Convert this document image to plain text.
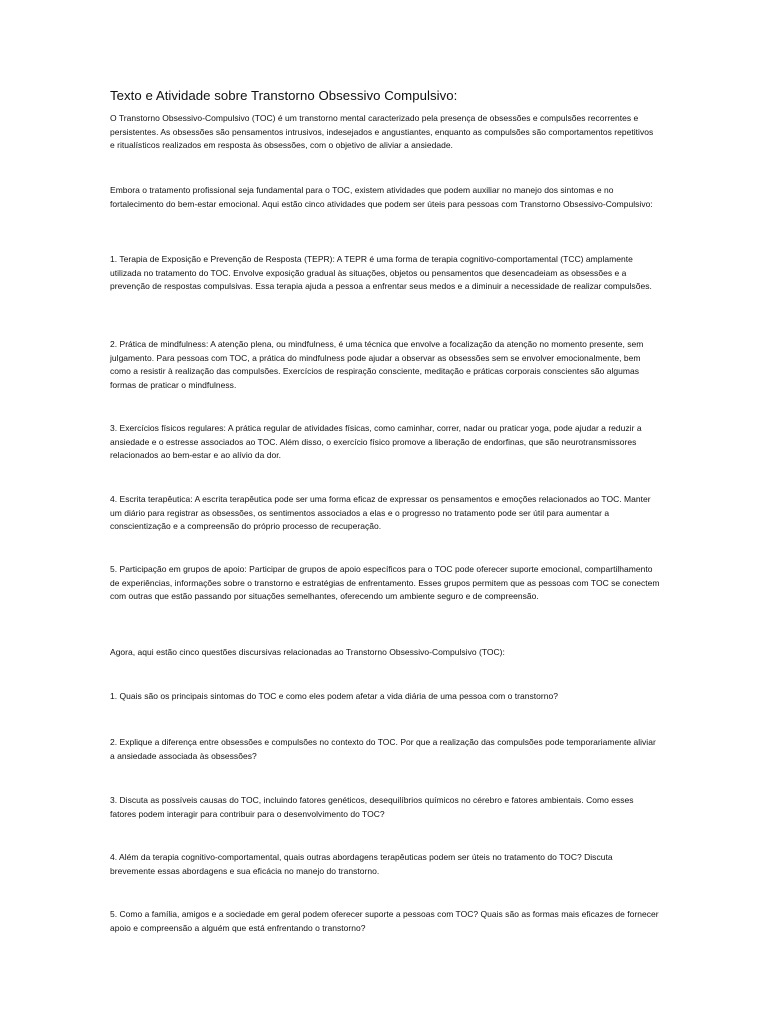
Texto e Atividade sobre Transtorno Obsessivo Compulsivo:

O Transtorno Obsessivo-Compulsivo (TOC) é um transtorno mental caracterizado pela presença de obsessões e compulsões recorrentes e persistentes. As obsessões são pensamentos intrusivos, indesejados e angustiantes, enquanto as compulsões são comportamentos repetitivos e ritualísticos realizados em resposta às obsessões, com o objetivo de aliviar a ansiedade.

Embora o tratamento profissional seja fundamental para o TOC, existem atividades que podem auxiliar no manejo dos sintomas e no fortalecimento do bem-estar emocional. Aqui estão cinco atividades que podem ser úteis para pessoas com Transtorno Obsessivo-Compulsivo:

1. Terapia de Exposição e Prevenção de Resposta (TEPR): A TEPR é uma forma de terapia cognitivo-comportamental (TCC) amplamente utilizada no tratamento do TOC. Envolve exposição gradual às situações, objetos ou pensamentos que desencadeiam as obsessões e a prevenção de respostas compulsivas. Essa terapia ajuda a pessoa a enfrentar seus medos e a diminuir a necessidade de realizar compulsões.

2. Prática de mindfulness: A atenção plena, ou mindfulness, é uma técnica que envolve a focalização da atenção no momento presente, sem julgamento. Para pessoas com TOC, a prática do mindfulness pode ajudar a observar as obsessões sem se envolver emocionalmente, bem como a resistir à realização das compulsões. Exercícios de respiração consciente, meditação e práticas corporais conscientes são algumas formas de praticar o mindfulness.

3. Exercícios físicos regulares: A prática regular de atividades físicas, como caminhar, correr, nadar ou praticar yoga, pode ajudar a reduzir a ansiedade e o estresse associados ao TOC. Além disso, o exercício físico promove a liberação de endorfinas, que são neurotransmissores relacionados ao bem-estar e ao alívio da dor.

4. Escrita terapêutica: A escrita terapêutica pode ser uma forma eficaz de expressar os pensamentos e emoções relacionados ao TOC. Manter um diário para registrar as obsessões, os sentimentos associados a elas e o progresso no tratamento pode ser útil para aumentar a conscientização e a compreensão do próprio processo de recuperação.

5. Participação em grupos de apoio: Participar de grupos de apoio específicos para o TOC pode oferecer suporte emocional, compartilhamento de experiências, informações sobre o transtorno e estratégias de enfrentamento. Esses grupos permitem que as pessoas com TOC se conectem com outras que estão passando por situações semelhantes, oferecendo um ambiente seguro e de compreensão.

Agora, aqui estão cinco questões discursivas relacionadas ao Transtorno Obsessivo-Compulsivo (TOC):

1. Quais são os principais sintomas do TOC e como eles podem afetar a vida diária de uma pessoa com o transtorno?

2. Explique a diferença entre obsessões e compulsões no contexto do TOC. Por que a realização das compulsões pode temporariamente aliviar a ansiedade associada às obsessões?

3. Discuta as possíveis causas do TOC, incluindo fatores genéticos, desequilíbrios químicos no cérebro e fatores ambientais. Como esses fatores podem interagir para contribuir para o desenvolvimento do TOC?

4. Além da terapia cognitivo-comportamental, quais outras abordagens terapêuticas podem ser úteis no tratamento do TOC? Discuta brevemente essas abordagens e sua eficácia no manejo do transtorno.

5. Como a família, amigos e a sociedade em geral podem oferecer suporte a pessoas com TOC? Quais são as formas mais eficazes de fornecer apoio e compreensão a alguém que está enfrentando o transtorno?
